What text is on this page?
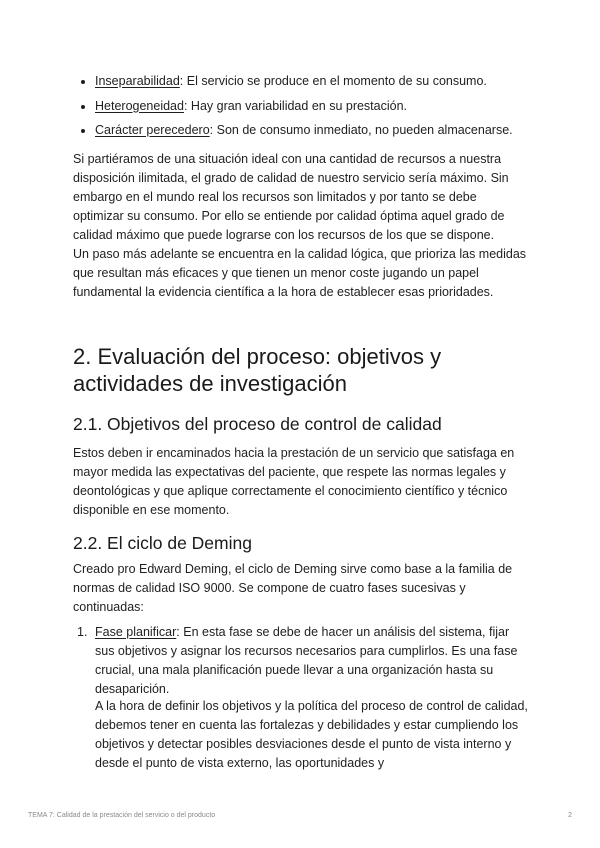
Inseparabilidad: El servicio se produce en el momento de su consumo.
Heterogeneidad: Hay gran variabilidad en su prestación.
Carácter perecedero: Son de consumo inmediato, no pueden almacenarse.

Si partiéramos de una situación ideal con una cantidad de recursos a nuestra disposición ilimitada, el grado de calidad de nuestro servicio sería máximo. Sin embargo en el mundo real los recursos son limitados y por tanto se debe optimizar su consumo. Por ello se entiende por calidad óptima aquel grado de calidad máximo que puede lograrse con los recursos de los que se dispone.

Un paso más adelante se encuentra en la calidad lógica, que prioriza las medidas que resultan más eficaces y que tienen un menor coste jugando un papel fundamental la evidencia científica a la hora de establecer esas prioridades.

2. Evaluación del proceso: objetivos y actividades de investigación
2.1. Objetivos del proceso de control de calidad

Estos deben ir encaminados hacia la prestación de un servicio que satisfaga en mayor medida las expectativas del paciente, que respete las normas legales y deontológicas y que aplique correctamente el conocimiento científico y técnico disponible en ese momento.

2.2. El ciclo de Deming

Creado pro Edward Deming, el ciclo de Deming sirve como base a la familia de normas de calidad ISO 9000. Se compone de cuatro fases sucesivas y continuadas:

1. Fase planificar: En esta fase se debe de hacer un análisis del sistema, fijar sus objetivos y asignar los recursos necesarios para cumplirlos. Es una fase crucial, una mala planificación puede llevar a una organización hasta su desaparición.

A la hora de definir los objetivos y la política del proceso de control de calidad, debemos tener en cuenta las fortalezas y debilidades y estar cumpliendo los objetivos y detectar posibles desviaciones desde el punto de vista interno y desde el punto de vista externo, las oportunidades y

TEMA 7: Calidad de la prestación del servicio o del producto	2
